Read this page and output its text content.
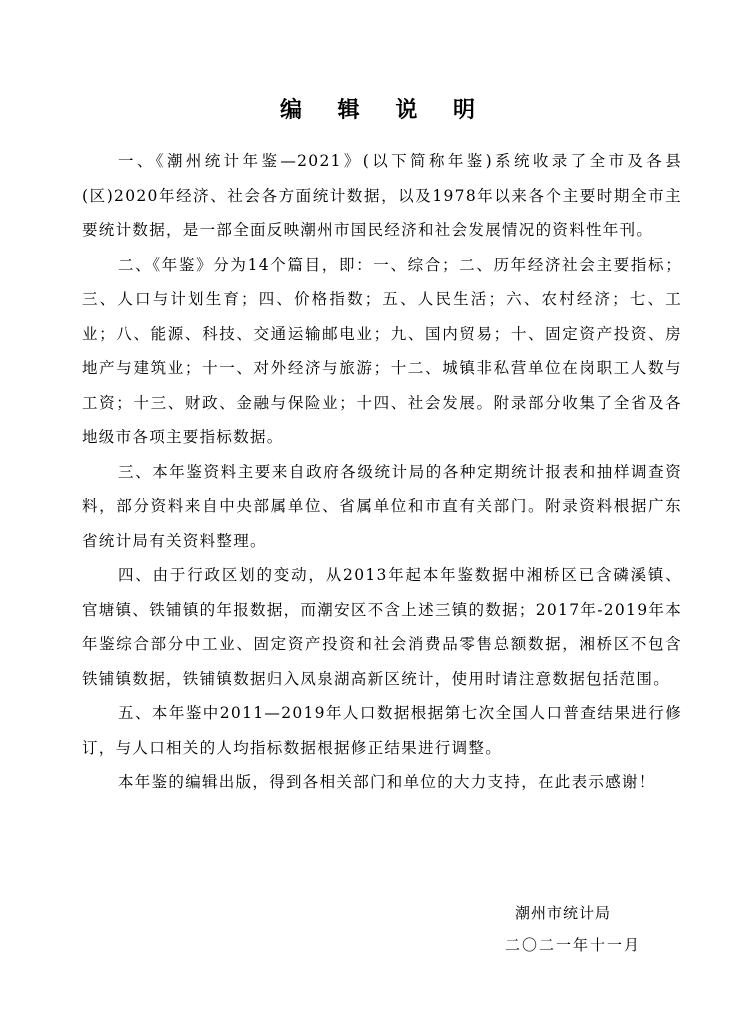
编 辑 说 明

一、《潮州统计年鉴—2021》(以下简称年鉴)系统收录了全市及各县(区)2020年经济、社会各方面统计数据，以及1978年以来各个主要时期全市主要统计数据，是一部全面反映潮州市国民经济和社会发展情况的资料性年刊。

二、《年鉴》分为14个篇目，即：一、综合；二、历年经济社会主要指标；三、人口与计划生育；四、价格指数；五、人民生活；六、农村经济；七、工业；八、能源、科技、交通运输邮电业；九、国内贸易；十、固定资产投资、房地产与建筑业；十一、对外经济与旅游；十二、城镇非私营单位在岗职工人数与工资；十三、财政、金融与保险业；十四、社会发展。附录部分收集了全省及各地级市各项主要指标数据。

三、本年鉴资料主要来自政府各级统计局的各种定期统计报表和抽样调查资料，部分资料来自中央部属单位、省属单位和市直有关部门。附录资料根据广东省统计局有关资料整理。

四、由于行政区划的变动，从2013年起本年鉴数据中湘桥区已含磷溪镇、官塘镇、铁铺镇的年报数据，而潮安区不含上述三镇的数据；2017年-2019年本年鉴综合部分中工业、固定资产投资和社会消费品零售总额数据，湘桥区不包含铁铺镇数据，铁铺镇数据归入凤泉湖高新区统计，使用时请注意数据包括范围。

五、本年鉴中2011—2019年人口数据根据第七次全国人口普查结果进行修订，与人口相关的人均指标数据根据修正结果进行调整。

本年鉴的编辑出版，得到各相关部门和单位的大力支持，在此表示感谢！

潮州市统计局
二〇二一年十一月
